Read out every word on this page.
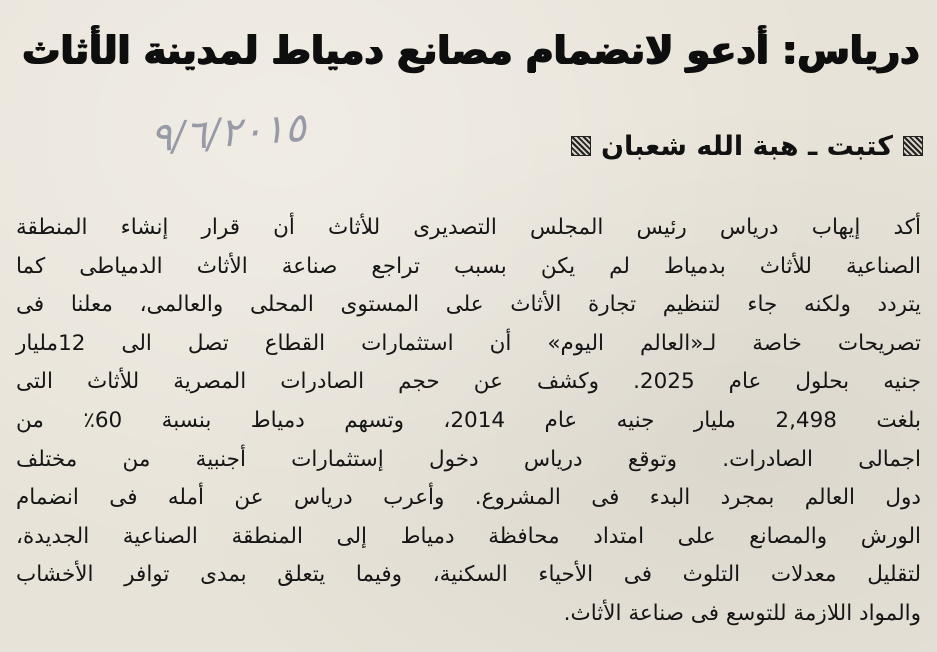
دریاس: أدعو لانضمام مصانع دمیاط لمدینة الأثاث
٩/٦/٢٠١٥	كتبت ـ هبة الله شعبان
أكد إيهاب درياس رئيس المجلس التصديرى للأثاث أن قرار إنشاء المنطقة
الصناعية للأثاث بدمياط لم يكن بسبب تراجع صناعة الأثاث الدمياطى كما
يتردد ولكنه جاء لتنظيم تجارة الأثاث على المستوى المحلى والعالمى، معلنا فى
تصريحات خاصة لـ«العالم اليوم» أن استثمارات القطاع تصل الى 12مليار
جنيه بحلول عام 2025. وكشف عن حجم الصادرات المصرية للأثاث التى
بلغت 2,498 مليار جنيه عام 2014، وتسهم دمياط بنسبة 60٪ من
اجمالى الصادرات. وتوقع درياس دخول إستثمارات أجنبية من مختلف
دول العالم بمجرد البدء فى المشروع. وأعرب درياس عن أمله فى انضمام
الورش والمصانع على امتداد محافظة دمياط إلى المنطقة الصناعية الجديدة،
لتقليل معدلات التلوث فى الأحياء السكنية، وفيما يتعلق بمدى توافر الأخشاب
والمواد اللازمة للتوسع فى صناعة الأثاث.
